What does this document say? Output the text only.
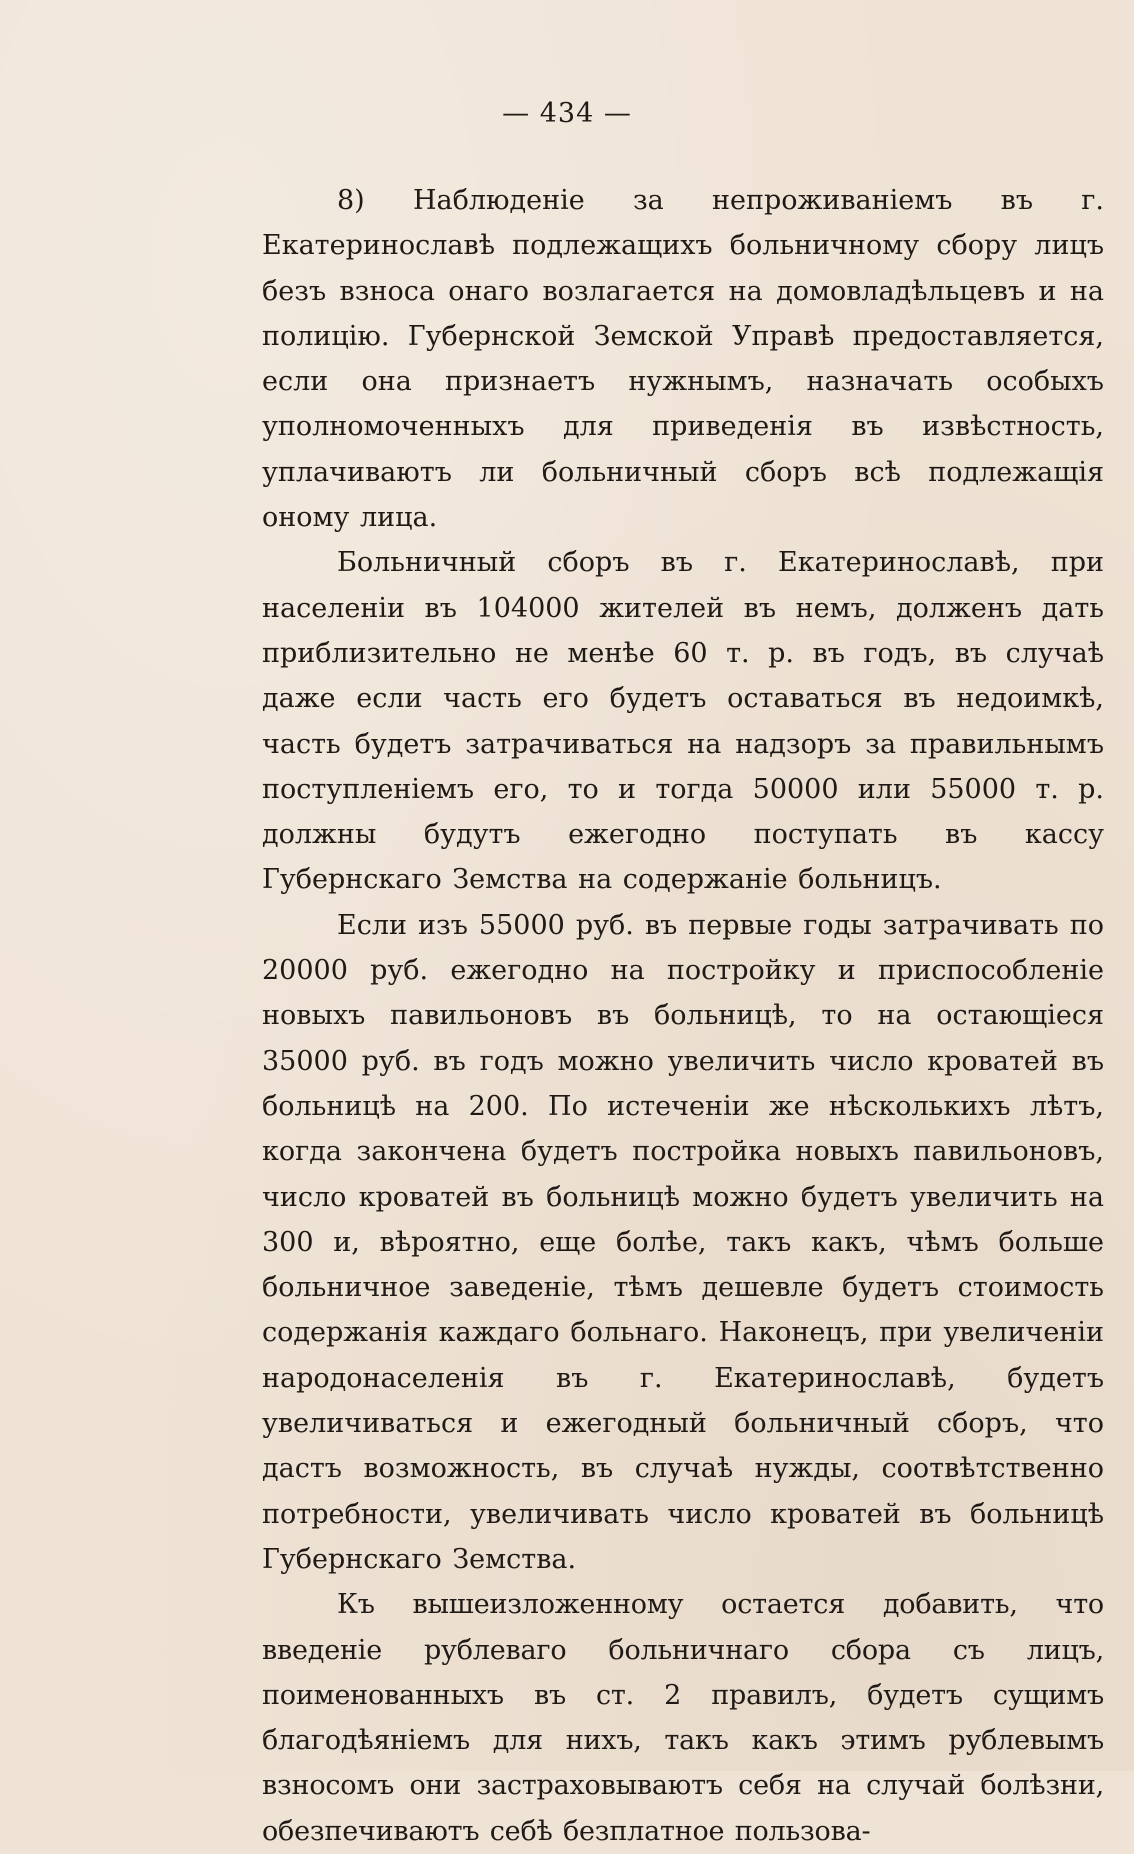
— 434 —

8) Наблюденіе за непроживаніемъ въ г. Екатеринославѣ подлежащихъ больничному сбору лицъ безъ взноса онаго возлагается на домовладѣльцевъ и на полицію. Губернской Земской Управѣ предоставляется, если она признаетъ нужнымъ, назначать особыхъ уполномоченныхъ для приведенія въ извѣстность, уплачиваютъ ли больничный сборъ всѣ подлежащія оному лица.

Больничный сборъ въ г. Екатеринославѣ, при населеніи въ 104000 жителей въ немъ, долженъ дать приблизительно не менѣе 60 т. р. въ годъ, въ случаѣ даже если часть его будетъ оставаться въ недоимкѣ, часть будетъ затрачиваться на надзоръ за правильнымъ поступленіемъ его, то и тогда 50000 или 55000 т. р. должны будутъ ежегодно поступать въ кассу Губернскаго Земства на содержаніе больницъ.

Если изъ 55000 руб. въ первые годы затрачивать по 20000 руб. ежегодно на постройку и приспособленіе новыхъ павильоновъ въ больницѣ, то на остающіеся 35000 руб. въ годъ можно увеличить число кроватей въ больницѣ на 200. По истеченіи же нѣсколькихъ лѣтъ, когда закончена будетъ постройка новыхъ павильоновъ, число кроватей въ больницѣ можно будетъ увеличить на 300 и, вѣроятно, еще болѣе, такъ какъ, чѣмъ больше больничное заведеніе, тѣмъ дешевле будетъ стоимость содержанія каждаго больнаго. Наконецъ, при увеличеніи народонаселенія въ г. Екатеринославѣ, будетъ увеличиваться и ежегодный больничный сборъ, что дастъ возможность, въ случаѣ нужды, соотвѣтственно потребности, увеличивать число кроватей въ больницѣ Губернскаго Земства.

Къ вышеизложенному остается добавить, что введеніе рублеваго больничнаго сбора съ лицъ, поименованныхъ въ ст. 2 правилъ, будетъ сущимъ благодѣяніемъ для нихъ, такъ какъ этимъ рублевымъ взносомъ они застраховываютъ себя на случай болѣзни, обезпечиваютъ себѣ безплатное пользова-
